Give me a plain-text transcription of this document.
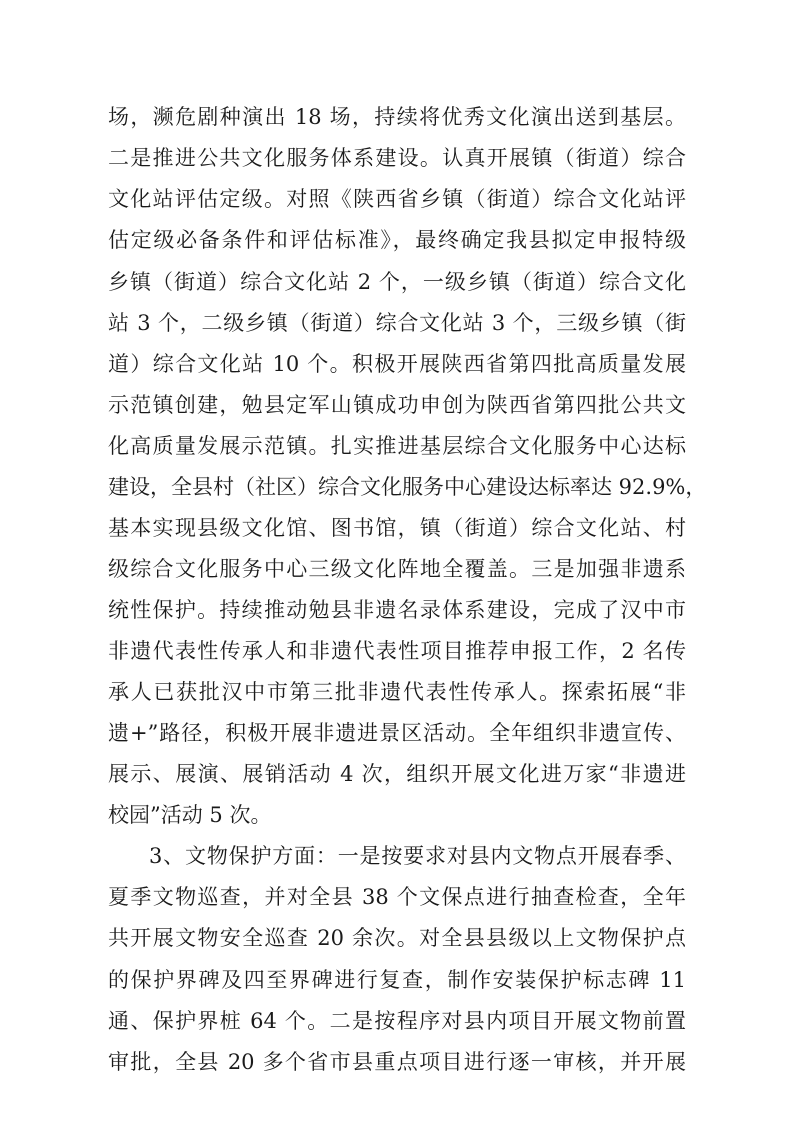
场，濒危剧种演出 18 场，持续将优秀文化演出送到基层。
二是推进公共文化服务体系建设。认真开展镇（街道）综合
文化站评估定级。对照《陕西省乡镇（街道）综合文化站评
估定级必备条件和评估标准》，最终确定我县拟定申报特级
乡镇（街道）综合文化站 2 个，一级乡镇（街道）综合文化
站 3 个，二级乡镇（街道）综合文化站 3 个，三级乡镇（街
道）综合文化站 10 个。积极开展陕西省第四批高质量发展
示范镇创建，勉县定军山镇成功申创为陕西省第四批公共文
化高质量发展示范镇。扎实推进基层综合文化服务中心达标
建设，全县村（社区）综合文化服务中心建设达标率达 92.9%，
基本实现县级文化馆、图书馆，镇（街道）综合文化站、村
级综合文化服务中心三级文化阵地全覆盖。三是加强非遗系
统性保护。持续推动勉县非遗名录体系建设，完成了汉中市
非遗代表性传承人和非遗代表性项目推荐申报工作，2 名传
承人已获批汉中市第三批非遗代表性传承人。探索拓展“非
遗+”路径，积极开展非遗进景区活动。全年组织非遗宣传、
展示、展演、展销活动 4 次，组织开展文化进万家“非遗进
校园”活动 5 次。
3、文物保护方面：一是按要求对县内文物点开展春季、
夏季文物巡查，并对全县 38 个文保点进行抽查检查，全年
共开展文物安全巡查 20 余次。对全县县级以上文物保护点
的保护界碑及四至界碑进行复查，制作安装保护标志碑 11
通、保护界桩 64 个。二是按程序对县内项目开展文物前置
审批，全县 20 多个省市县重点项目进行逐一审核，并开展
